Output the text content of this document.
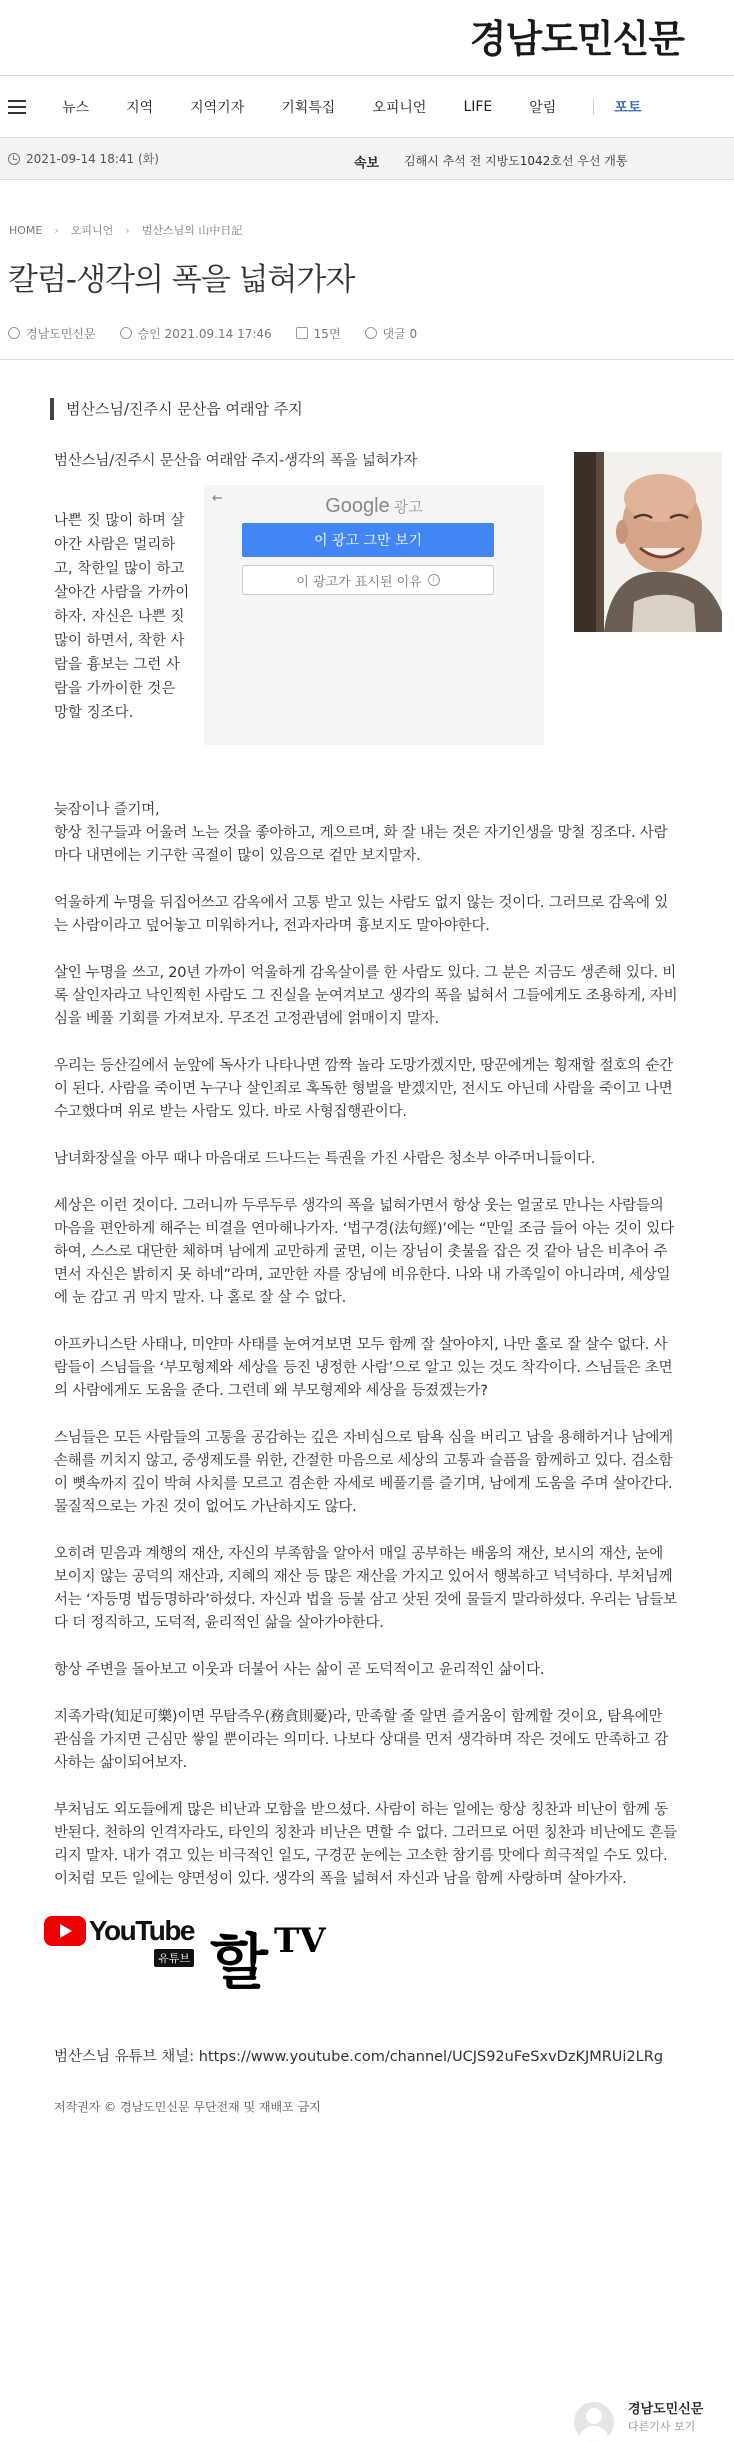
경남도민신문
뉴스	지역	지역기자	기획특집	오피니언	LIFE	알림	포토
2021-09-14 18:41 (화)	속보 김해시 추석 전 지방도1042호선 우선 개통
HOME › 오피니언 › 범산스님의 山中日記
칼럼-생각의 폭을 넓혀가자
경남도민신문	승인 2021.09.14 17:46	15면	댓글 0
범산스님/진주시 문산읍 여래암 주지
범산스님/진주시 문산읍 여래암 주지-생각의 폭을 넓혀가자
나쁜 짓 많이 하며 살아간 사람은 멀리하고, 착한일 많이 하고 살아간 사람을 가까이하자. 자신은 나쁜 짓 많이 하면서, 착한 사람을 흉보는 그런 사람을 가까이한 것은 망할 징조다.
←	Google 광고
이 광고 그만 보기
이 광고가 표시된 이유	i
늦잠이나 즐기며,
항상 친구들과 어울려 노는 것을 좋아하고, 게으르며, 화 잘 내는 것은 자기인생을 망칠 징조다. 사람마다 내면에는 기구한 곡절이 많이 있음으로 겉만 보지말자.
억울하게 누명을 뒤집어쓰고 감옥에서 고통 받고 있는 사람도 없지 않는 것이다. 그러므로 감옥에 있는 사람이라고 덮어놓고 미워하거나, 전과자라며 흉보지도 말아야한다.
살인 누명을 쓰고, 20년 가까이 억울하게 감옥살이를 한 사람도 있다. 그 분은 지금도 생존해 있다. 비록 살인자라고 낙인찍힌 사람도 그 진실을 눈여겨보고 생각의 폭을 넓혀서 그들에게도 조용하게, 자비심을 베풀 기회를 가져보자. 무조건 고정관념에 얽매이지 말자.
우리는 등산길에서 눈앞에 독사가 나타나면 깜짝 놀라 도망가겠지만, 땅꾼에게는 횡재할 절호의 순간이 된다. 사람을 죽이면 누구나 살인죄로 혹독한 형벌을 받겠지만, 전시도 아닌데 사람을 죽이고 나면 수고했다며 위로 받는 사람도 있다. 바로 사형집행관이다.
남녀화장실을 아무 때나 마음대로 드나드는 특권을 가진 사람은 청소부 아주머니들이다.
세상은 이런 것이다. 그러니까 두루두루 생각의 폭을 넓혀가면서 항상 웃는 얼굴로 만나는 사람들의 마음을 편안하게 해주는 비결을 연마해나가자. ‘법구경(法句經)’에는 “만일 조금 들어 아는 것이 있다하여, 스스로 대단한 체하며 남에게 교만하게 굴면, 이는 장님이 촛불을 잡은 것 같아 남은 비추어 주면서 자신은 밝히지 못 하네”라며, 교만한 자를 장님에 비유한다. 나와 내 가족일이 아니라며, 세상일에 눈 감고 귀 막지 말자. 나 홀로 잘 살 수 없다.
아프카니스탄 사태나, 미얀마 사태를 눈여겨보면 모두 함께 잘 살아야지, 나만 홀로 잘 살수 없다. 사람들이 스님들을 ‘부모형제와 세상을 등진 냉정한 사람’으로 알고 있는 것도 착각이다. 스님들은 초면의 사람에게도 도움을 준다. 그런데 왜 부모형제와 세상을 등졌겠는가?
스님들은 모든 사람들의 고통을 공감하는 깊은 자비심으로 탐욕 심을 버리고 남을 용해하거나 남에게 손해를 끼치지 않고, 중생제도를 위한, 간절한 마음으로 세상의 고통과 슬픔을 함께하고 있다. 검소함이 뼛속까지 깊이 박혀 사치를 모르고 겸손한 자세로 베풀기를 즐기며, 남에게 도움을 주며 살아간다. 물질적으로는 가진 것이 없어도 가난하지도 않다.
오히려 믿음과 계행의 재산, 자신의 부족함을 알아서 매일 공부하는 배움의 재산, 보시의 재산, 눈에 보이지 않는 공덕의 재산과, 지혜의 재산 등 많은 재산을 가지고 있어서 행복하고 넉넉하다. 부처님께서는 ‘자등명 법등명하라’하셨다. 자신과 법을 등불 삼고 삿된 것에 물들지 말라하셨다. 우리는 남들보다 더 정직하고, 도덕적, 윤리적인 삶을 살아가야한다.
항상 주변을 돌아보고 이웃과 더불어 사는 삶이 곧 도덕적이고 윤리적인 삶이다.
지족가락(知足可樂)이면 무탐즉우(務貪則憂)라, 만족할 줄 알면 즐거움이 함께할 것이요, 탐욕에만 관심을 가지면 근심만 쌓일 뿐이라는 의미다. 나보다 상대를 먼저 생각하며 작은 것에도 만족하고 감사하는 삶이되어보자.
부처님도 외도들에게 많은 비난과 모함을 받으셨다. 사람이 하는 일에는 항상 칭찬과 비난이 함께 동반된다. 천하의 인격자라도, 타인의 칭찬과 비난은 면할 수 없다. 그러므로 어떤 칭찬과 비난에도 흔들리지 말자. 내가 겪고 있는 비극적인 일도, 구경꾼 눈에는 고소한 참기름 맛에다 희극적일 수도 있다. 이처럼 모든 일에는 양면성이 있다. 생각의 폭을 넓혀서 자신과 남을 함께 사랑하며 살아가자.
YouTube
유튜브 할 TV
범산스님 유튜브 채널: https://www.youtube.com/channel/UCJS92uFeSxvDzKJMRUi2LRg
저작권자 © 경남도민신문 무단전재 및 재배포 금지
경남도민신문
다른기사 보기
